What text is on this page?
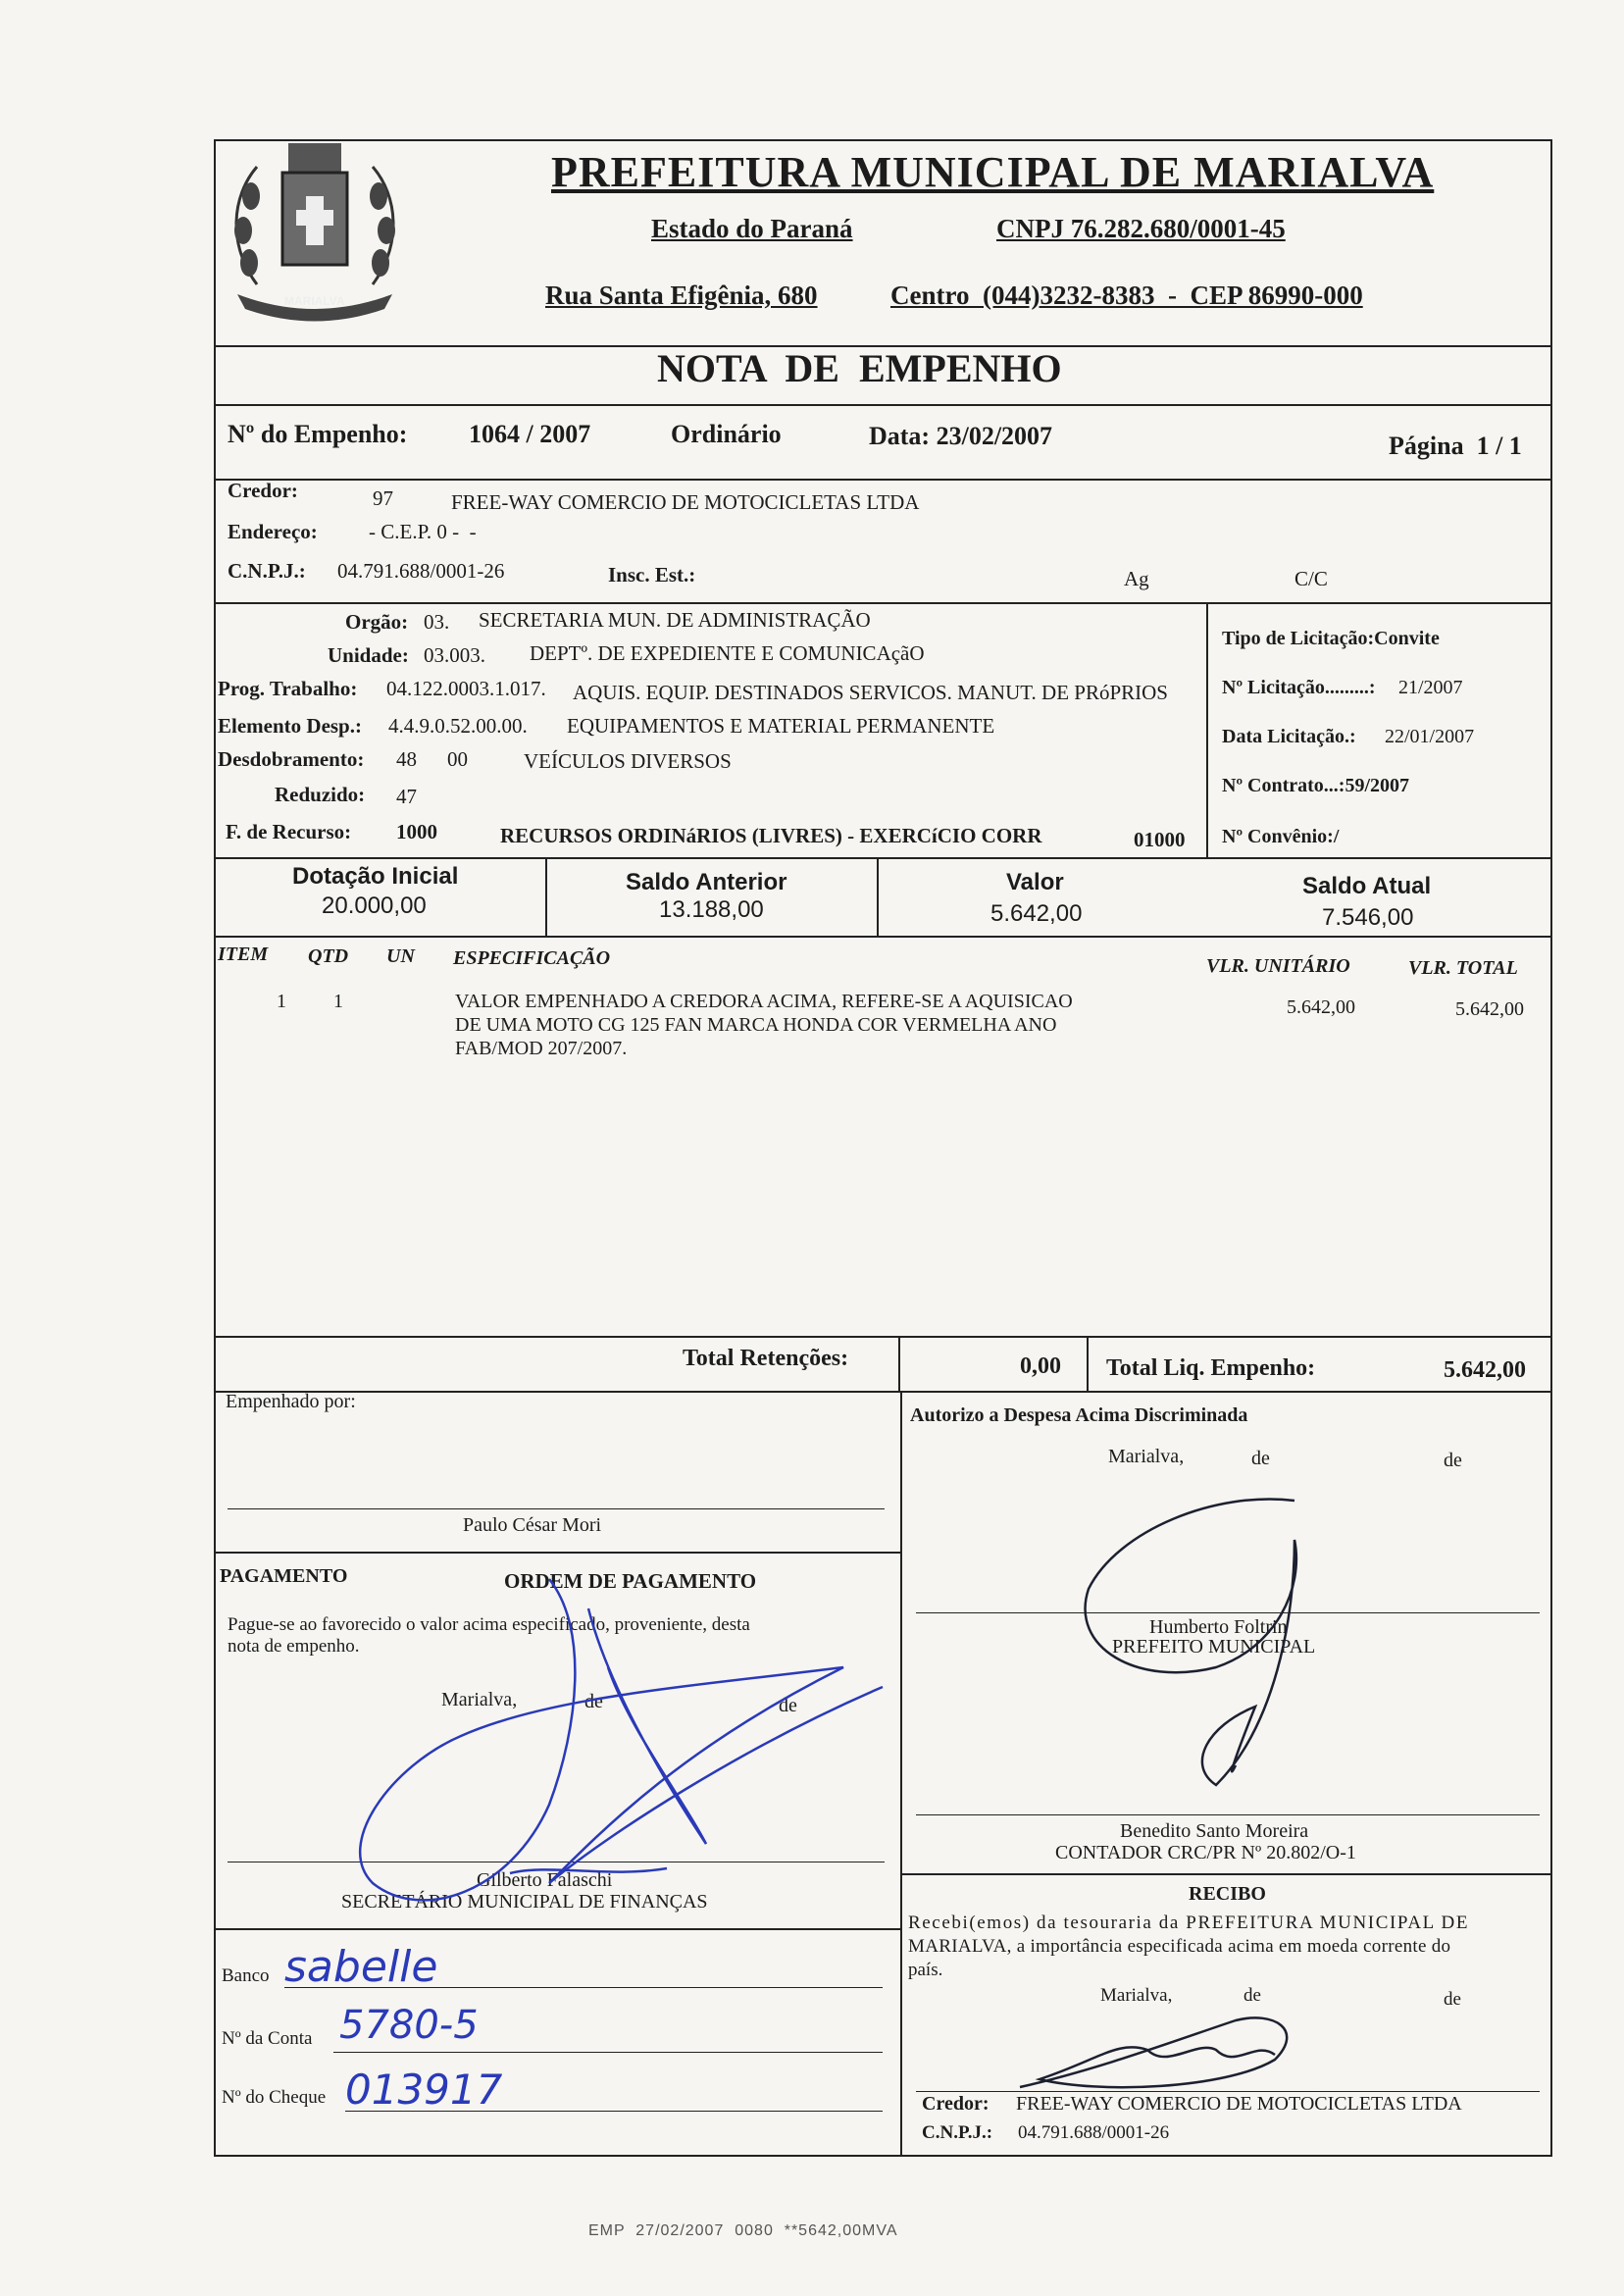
MARIALVA
PREFEITURA MUNICIPAL DE MARIALVA
Estado do Paraná	CNPJ 76.282.680/0001-45
Rua Santa Efigênia, 680	Centro  (044)3232-8383  -  CEP 86990-000
NOTA  DE  EMPENHO
Nº do Empenho: 1064 / 2007	Ordinário	Data: 23/02/2007	Página  1 / 1
Credor:	97	FREE-WAY COMERCIO DE MOTOCICLETAS LTDA
Endereço: - C.E.P. 0 -  -
C.N.P.J.: 04.791.688/0001-26	Insc. Est.:	Ag	C/C
Orgão: 03. SECRETARIA MUN. DE ADMINISTRAÇÃO
Unidade: 03.003. DEPTº. DE EXPEDIENTE E COMUNICAçãO
Prog. Trabalho: 04.122.0003.1.017. AQUIS. EQUIP. DESTINADOS SERVICOS. MANUT. DE PRóPRIOS
Elemento Desp.: 4.4.9.0.52.00.00. EQUIPAMENTOS E MATERIAL PERMANENTE
Desdobramento: 48 00	VEÍCULOS DIVERSOS
Reduzido: 47
F. de Recurso: 1000	RECURSOS ORDINáRIOS (LIVRES) - EXERCíCIO CORR	01000
Tipo de Licitação:Convite
Nº Licitação.........: 21/2007
Data Licitação.: 22/01/2007
Nº Contrato...:59/2007
Nº Convênio:/
Dotação Inicial
20.000,00
Saldo Anterior
13.188,00
Valor
5.642,00
Saldo Atual
7.546,00
ITEM QTD UN ESPECIFICAÇÃO	VLR. UNITÁRIO	VLR. TOTAL
1 1	VALOR EMPENHADO A CREDORA ACIMA, REFERE-SE A AQUISICAO
DE UMA MOTO CG 125 FAN MARCA HONDA COR VERMELHA ANO
FAB/MOD 207/2007.
5.642,00	5.642,00
Total Retenções:	0,00 Total Liq. Empenho:	5.642,00
Empenhado por:
Paulo César Mori
PAGAMENTO	ORDEM DE PAGAMENTO
Pague-se ao favorecido o valor acima especificado, proveniente, desta
nota de empenho.
Marialva,	de	de
Gilberto Falaschi
SECRETÁRIO MUNICIPAL DE FINANÇAS
Banco sabelle
Nº da Conta 5780-5
Nº do Cheque 013917
Autorizo a Despesa Acima Discriminada
Marialva,	de	de
Humberto Foltrin
PREFEITO MUNICIPAL
Benedito Santo Moreira
CONTADOR CRC/PR Nº 20.802/O-1
RECIBO
Recebi(emos) da tesouraria da PREFEITURA MUNICIPAL DE
MARIALVA, a importância especificada acima em moeda corrente do
país.
Marialva,	de	de
Credor: FREE-WAY COMERCIO DE MOTOCICLETAS LTDA
C.N.P.J.: 04.791.688/0001-26
EMP  27/02/2007  0080  **5642,00MVA
